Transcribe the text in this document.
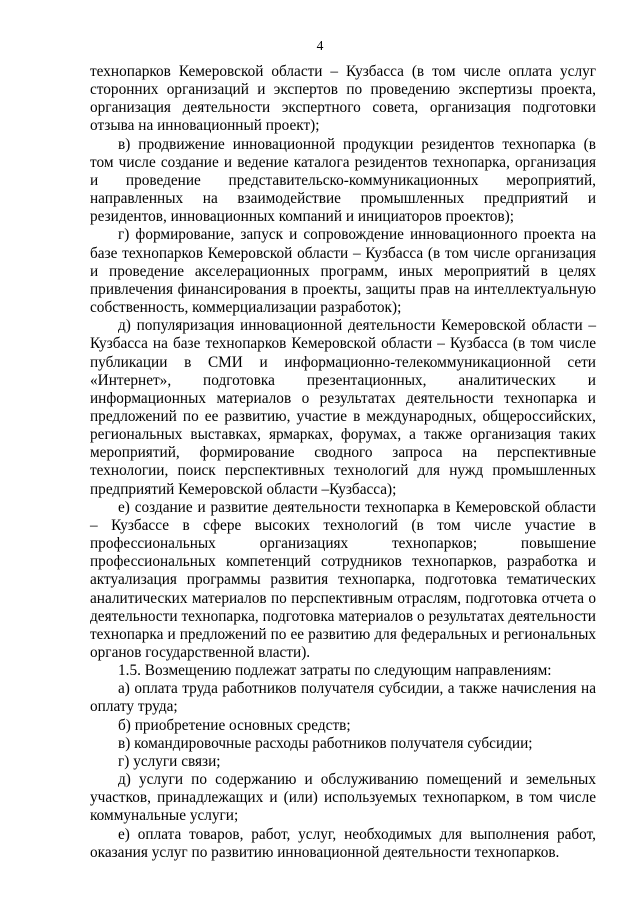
4

технопарков Кемеровской области – Кузбасса (в том числе оплата услуг сторонних организаций и экспертов по проведению экспертизы проекта, организация деятельности экспертного совета, организация подготовки отзыва на инновационный проект);

в) продвижение инновационной продукции резидентов технопарка (в том числе создание и ведение каталога резидентов технопарка, организация и проведение представительско-коммуникационных мероприятий, направленных на взаимодействие промышленных предприятий и резидентов, инновационных компаний и инициаторов проектов);

г) формирование, запуск и сопровождение инновационного проекта на базе технопарков Кемеровской области – Кузбасса (в том числе организация и проведение акселерационных программ, иных мероприятий в целях привлечения финансирования в проекты, защиты прав на интеллектуальную собственность, коммерциализации разработок);

д) популяризация инновационной деятельности Кемеровской области – Кузбасса на базе технопарков Кемеровской области – Кузбасса (в том числе публикации в СМИ и информационно-телекоммуникационной сети «Интернет», подготовка презентационных, аналитических и информационных материалов о результатах деятельности технопарка и предложений по ее развитию, участие в международных, общероссийских, региональных выставках, ярмарках, форумах, а также организация таких мероприятий, формирование сводного запроса на перспективные технологии, поиск перспективных технологий для нужд промышленных предприятий Кемеровской области –Кузбасса);

е) создание и развитие деятельности технопарка в Кемеровской области – Кузбассе в сфере высоких технологий (в том числе участие в профессиональных организациях технопарков; повышение профессиональных компетенций сотрудников технопарков, разработка и актуализация программы развития технопарка, подготовка тематических аналитических материалов по перспективным отраслям, подготовка отчета о деятельности технопарка, подготовка материалов о результатах деятельности технопарка и предложений по ее развитию для федеральных и региональных органов государственной власти).

1.5. Возмещению подлежат затраты по следующим направлениям:

а) оплата труда работников получателя субсидии, а также начисления на оплату труда;

б) приобретение основных средств;

в) командировочные расходы работников получателя субсидии;

г) услуги связи;

д) услуги по содержанию и обслуживанию помещений и земельных участков, принадлежащих и (или) используемых технопарком, в том числе коммунальные услуги;

е) оплата товаров, работ, услуг, необходимых для выполнения работ, оказания услуг по развитию инновационной деятельности технопарков.
